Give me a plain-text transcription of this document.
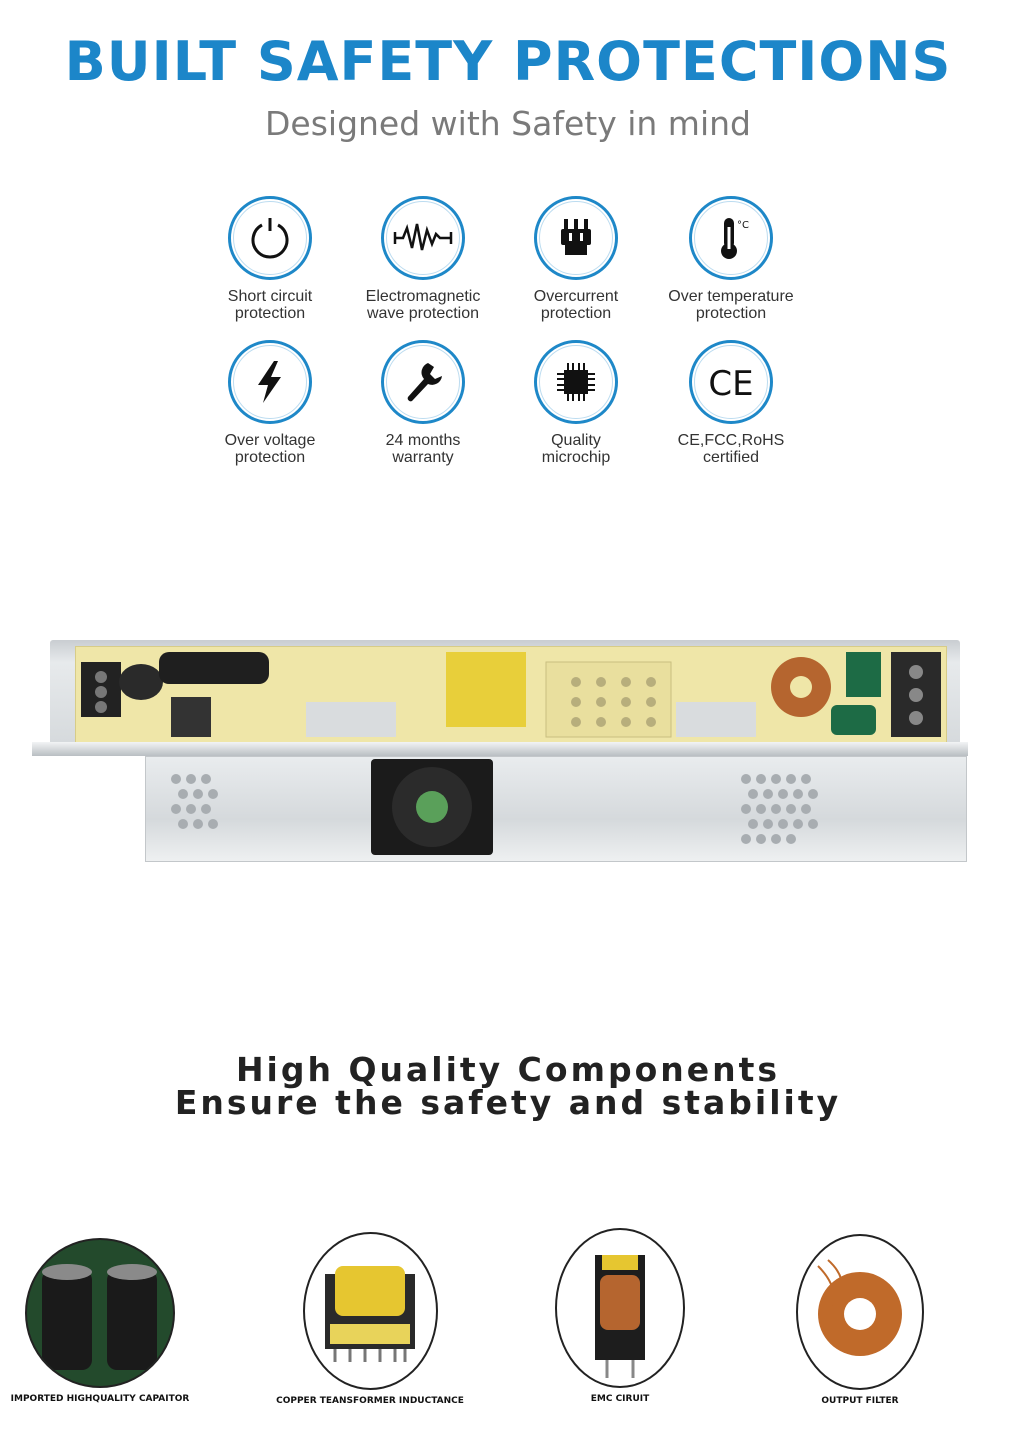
BUILT SAFETY PROTECTIONS
Designed with Safety in mind
Short circuit
protection
Electromagnetic
wave protection
Overcurrent
protection
°C
Over temperature
protection
Over voltage
protection
24 months
warranty
Quality
microchip
CE
CE,FCC,RoHS
certified
High Quality Components
Ensure the safety and stability
IMPORTED HIGHQUALITY CAPAITOR	COPPER TEANSFORMER INDUCTANCE	EMC CIRUIT	OUTPUT FILTER
